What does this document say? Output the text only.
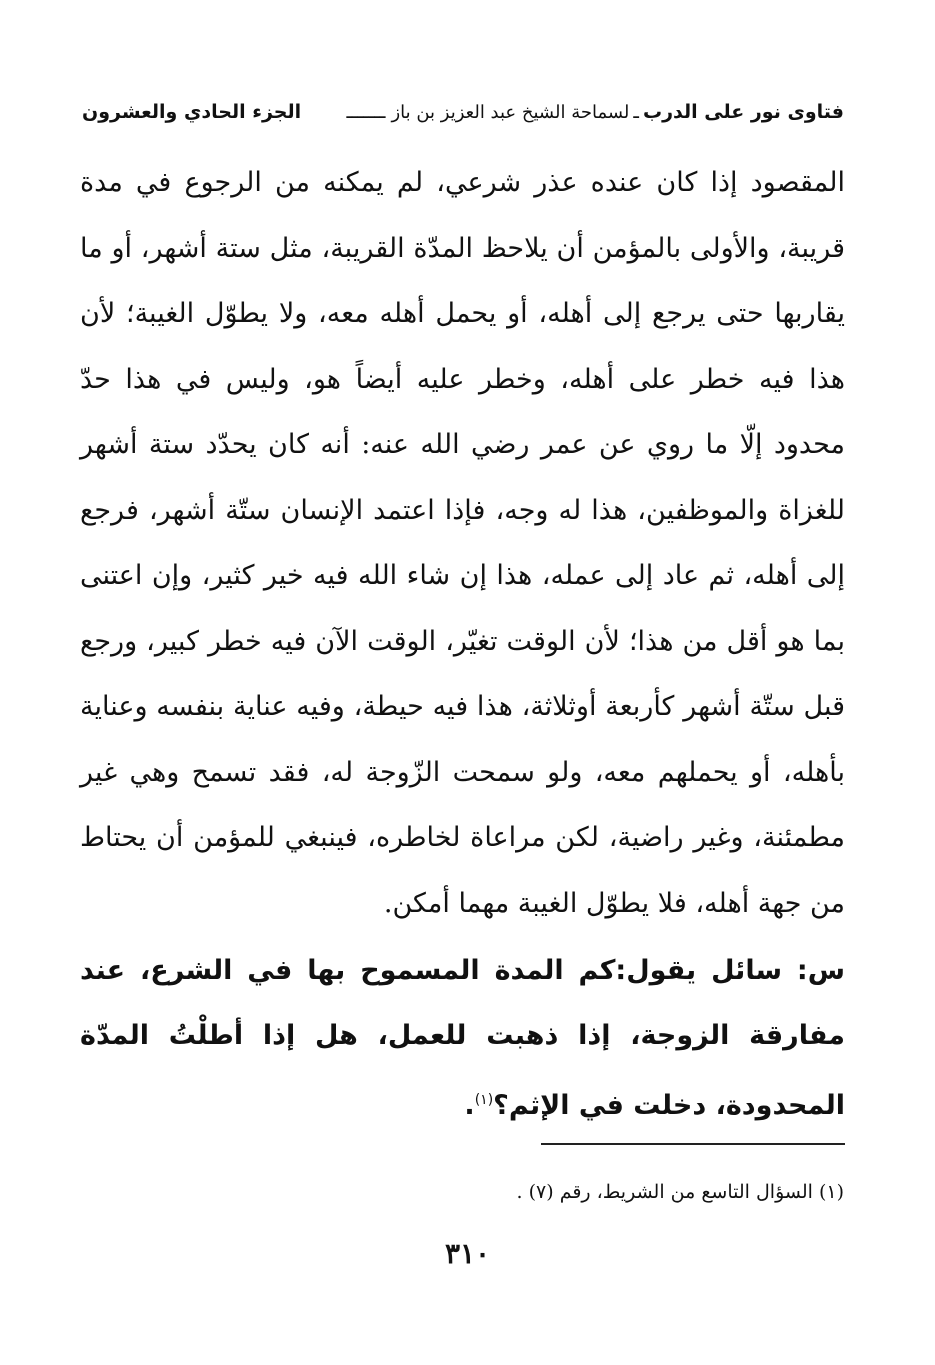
فتاوى نور على الدرب
ـ
لسماحة الشيخ عبد العزيز بن باز
ـــــــ
الجزء الحادي والعشرون

المقصود إذا كان عنده عذر شرعي، لم يمكنه من الرجوع في مدة قريبة، والأولى بالمؤمن أن يلاحظ المدّة القريبة، مثل ستة أشهر، أو ما يقاربها حتى يرجع إلى أهله، أو يحمل أهله معه، ولا يطوّل الغيبة؛ لأن هذا فيه خطر على أهله، وخطر عليه أيضاً هو، وليس في هذا حدّ محدود إلّا ما روي عن عمر رضي الله عنه: أنه كان يحدّد ستة أشهر للغزاة والموظفين، هذا له وجه، فإذا اعتمد الإنسان ستّة أشهر، فرجع إلى أهله، ثم عاد إلى عمله، هذا إن شاء الله فيه خير كثير، وإن اعتنى بما هو أقل من هذا؛ لأن الوقت تغيّر، الوقت الآن فيه خطر كبير، ورجع قبل ستّة أشهر كأربعة أوثلاثة، هذا فيه حيطة، وفيه عناية بنفسه وعناية بأهله، أو يحملهم معه، ولو سمحت الزّوجة له، فقد تسمح وهي غير مطمئنة، وغير راضية، لكن مراعاة لخاطره، فينبغي للمؤمن أن يحتاط من جهة أهله، فلا يطوّل الغيبة مهما أمكن.

س: سائل يقول:كم المدة المسموح بها في الشرع، عند مفارقة الزوجة، إذا ذهبت للعمل، هل إذا أطلْتُ المدّة المحدودة، دخلت في الإثم؟$^{(١)}$.

(١) السؤال التاسع من الشريط، رقم (٧) .
٣١٠
